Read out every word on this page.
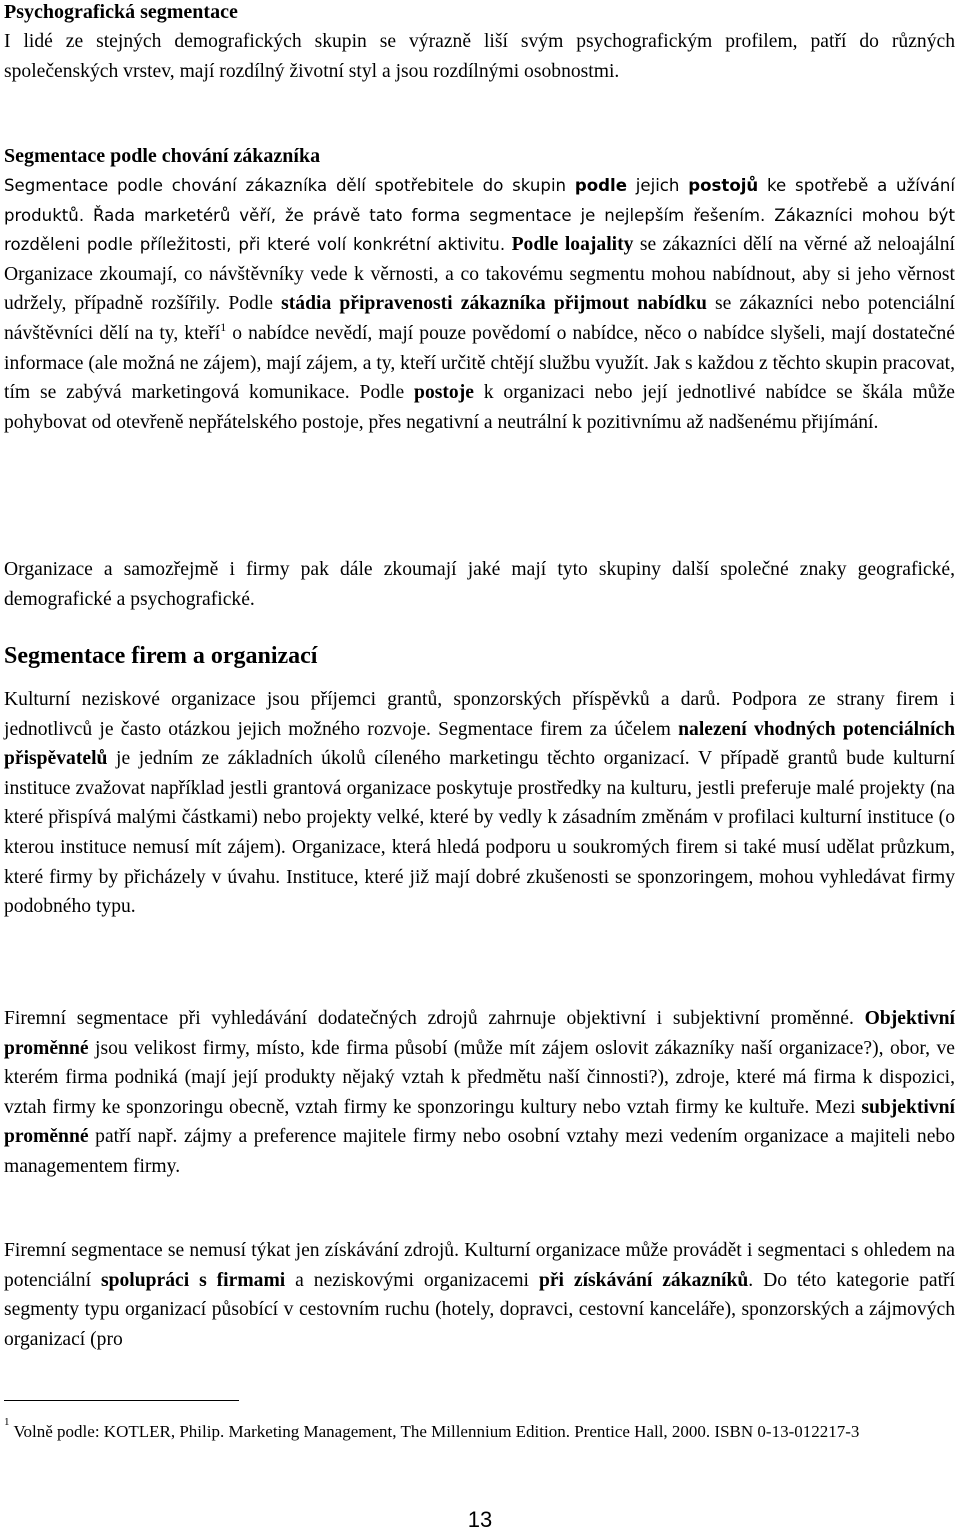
Psychografická segmentace

I lidé ze stejných demografických skupin se výrazně liší svým psychografickým profilem, patří do různých společenských vrstev, mají rozdílný životní styl a jsou rozdílnými osobnostmi.

Segmentace podle chování zákazníka

Segmentace podle chování zákazníka dělí spotřebitele do skupin podle jejich postojů ke spotřebě a užívání produktů. Řada marketérů věří, že právě tato forma segmentace je nejlepším řešením. Zákazníci mohou být rozděleni podle příležitosti, při které volí konkrétní aktivitu. Podle loajality se zákazníci dělí na věrné až neloajální Organizace zkoumají, co návštěvníky vede k věrnosti, a co takovému segmentu mohou nabídnout, aby si jeho věrnost udržely, případně rozšířily. Podle stádia připravenosti zákazníka přijmout nabídku se zákazníci nebo potenciální návštěvníci dělí na ty, kteří$^1$ o nabídce nevědí, mají pouze povědomí o nabídce, něco o nabídce slyšeli, mají dostatečné informace (ale možná ne zájem), mají zájem, a ty, kteří určitě chtějí službu využít. Jak s každou z těchto skupin pracovat, tím se zabývá marketingová komunikace. Podle postoje k organizaci nebo její jednotlivé nabídce se škála může pohybovat od otevřeně nepřátelského postoje, přes negativní a neutrální k pozitivnímu až nadšenému přijímání.

Organizace a samozřejmě i firmy pak dále zkoumají jaké mají tyto skupiny další společné znaky geografické, demografické a psychografické.

Segmentace firem a organizací

Kulturní neziskové organizace jsou příjemci grantů, sponzorských příspěvků a darů. Podpora ze strany firem i jednotlivců je často otázkou jejich možného rozvoje. Segmentace firem za účelem nalezení vhodných potenciálních přispěvatelů je jedním ze základních úkolů cíleného marketingu těchto organizací. V případě grantů bude kulturní instituce zvažovat například jestli grantová organizace poskytuje prostředky na kulturu, jestli preferuje malé projekty (na které přispívá malými částkami) nebo projekty velké, které by vedly k zásadním změnám v profilaci kulturní instituce (o kterou instituce nemusí mít zájem). Organizace, která hledá podporu u soukromých firem si také musí udělat průzkum, které firmy by přicházely v úvahu. Instituce, které již mají dobré zkušenosti se sponzoringem, mohou vyhledávat firmy podobného typu.

Firemní segmentace při vyhledávání dodatečných zdrojů zahrnuje objektivní i subjektivní proměnné. Objektivní proměnné jsou velikost firmy, místo, kde firma působí (může mít zájem oslovit zákazníky naší organizace?), obor, ve kterém firma podniká (mají její produkty nějaký vztah k předmětu naší činnosti?), zdroje, které má firma k dispozici, vztah firmy ke sponzoringu obecně, vztah firmy ke sponzoringu kultury nebo vztah firmy ke kultuře. Mezi subjektivní proměnné patří např. zájmy a preference majitele firmy nebo osobní vztahy mezi vedením organizace a majiteli nebo managementem firmy.

Firemní segmentace se nemusí týkat jen získávání zdrojů. Kulturní organizace může provádět i segmentaci s ohledem na potenciální spolupráci s firmami a neziskovými organizacemi při získávání zákazníků. Do této kategorie patří segmenty typu organizací působící v cestovním ruchu (hotely, dopravci, cestovní kanceláře), sponzorských a zájmových organizací (pro

$^1$ Volně podle: KOTLER, Philip. Marketing Management, The Millennium Edition. Prentice Hall, 2000. ISBN 0-13-012217-3

13
